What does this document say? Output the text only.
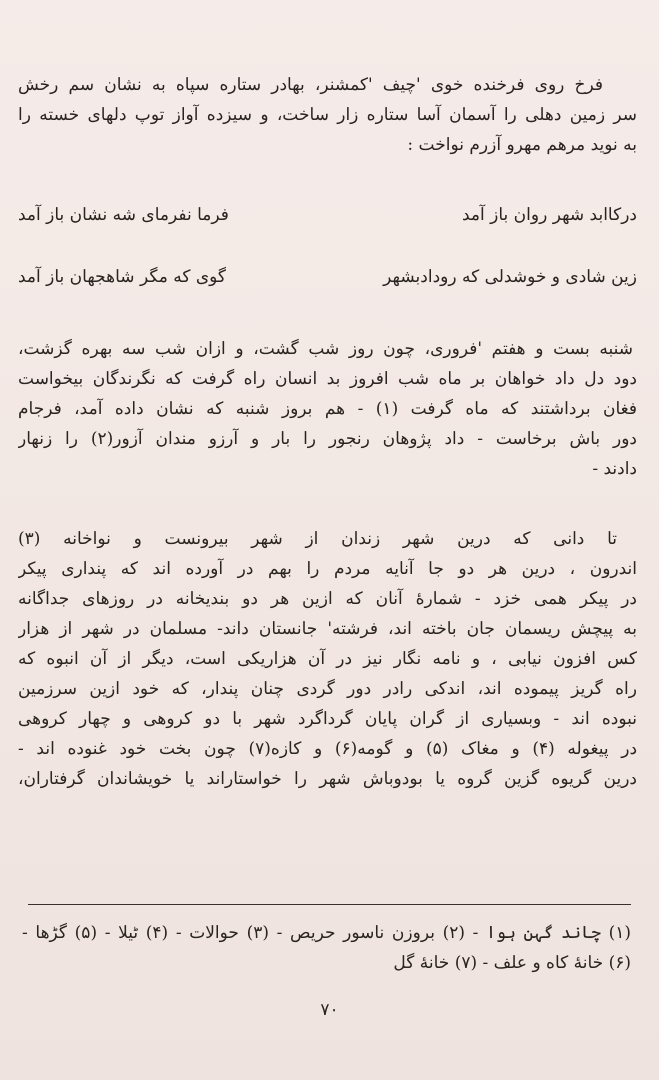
فرخ روی فرخنده خوی 'چیف 'کمشنر، بهادر ستاره سپاه به نشان سم رخش
سر زمین دهلی را آسمان آسا ستاره زار ساخت، و سیزده آواز توپ دلهای خسته را
به نوید مرهم مهرو آزرم نواخت :
درکاابد شهر روان باز آمد
فرما نفرمای شه نشان باز آمد
زین شادی و خوشدلی که رودادبشهر
گوی که مگر شاهجهان باز آمد
شنبه بست و هفتم 'فروری، چون روز شب گشت، و ازان شب سه بهره گزشت،
دود دل داد خواهان بر ماه شب افروز بد انسان راه گرفت که نگرندگان بیخواست
فغان برداشتند که ماه گرفت (۱) - هم بروز شنبه که نشان داده آمد، فرجام
دور باش برخاست - داد پژوهان رنجور را بار و آرزو مندان آزور(۲) را زنهار
دادند -
تا دانی که درین شهر زندان از شهر بیرونست و نواخانه (۳)
اندرون ، درین هر دو جا آنایه مردم را بهم در آورده اند که پنداری پیکر
در پیکر همی خزد - شمارهٔ آنان که ازین هر دو بندیخانه در روزهای جداگانه
به پیچش ریسمان جان باخته اند، فرشته' جانستان داند- مسلمان در شهر از هزار
کس افزون نیابی ، و نامه نگار نیز در آن هزاریکی است، دیگر از آن انبوه که
راه گریز پیموده اند، اندکی رادر دور گردی چنان پندار، که خود ازین سرزمین
نبوده اند - وبسیاری از گران پایان گرداگرد شهر با دو کروهی و چهار کروهی
در پیغوله (۴) و مغاک (۵) و گومه(۶) و کازه(۷) چون بخت خود غنوده اند -
درین گریوه گزین گروه یا بودوباش شهر را خواستاراند یا خویشاندان گرفتاران،
(۱) چاند گہن ہوا - (۲) بروزن ناسور حریص - (۳) حوالات - (۴) ٹیلا - (۵) گڑھا -
(۶) خانهٔ کاه و علف - (۷) خانهٔ گل
۷۰
